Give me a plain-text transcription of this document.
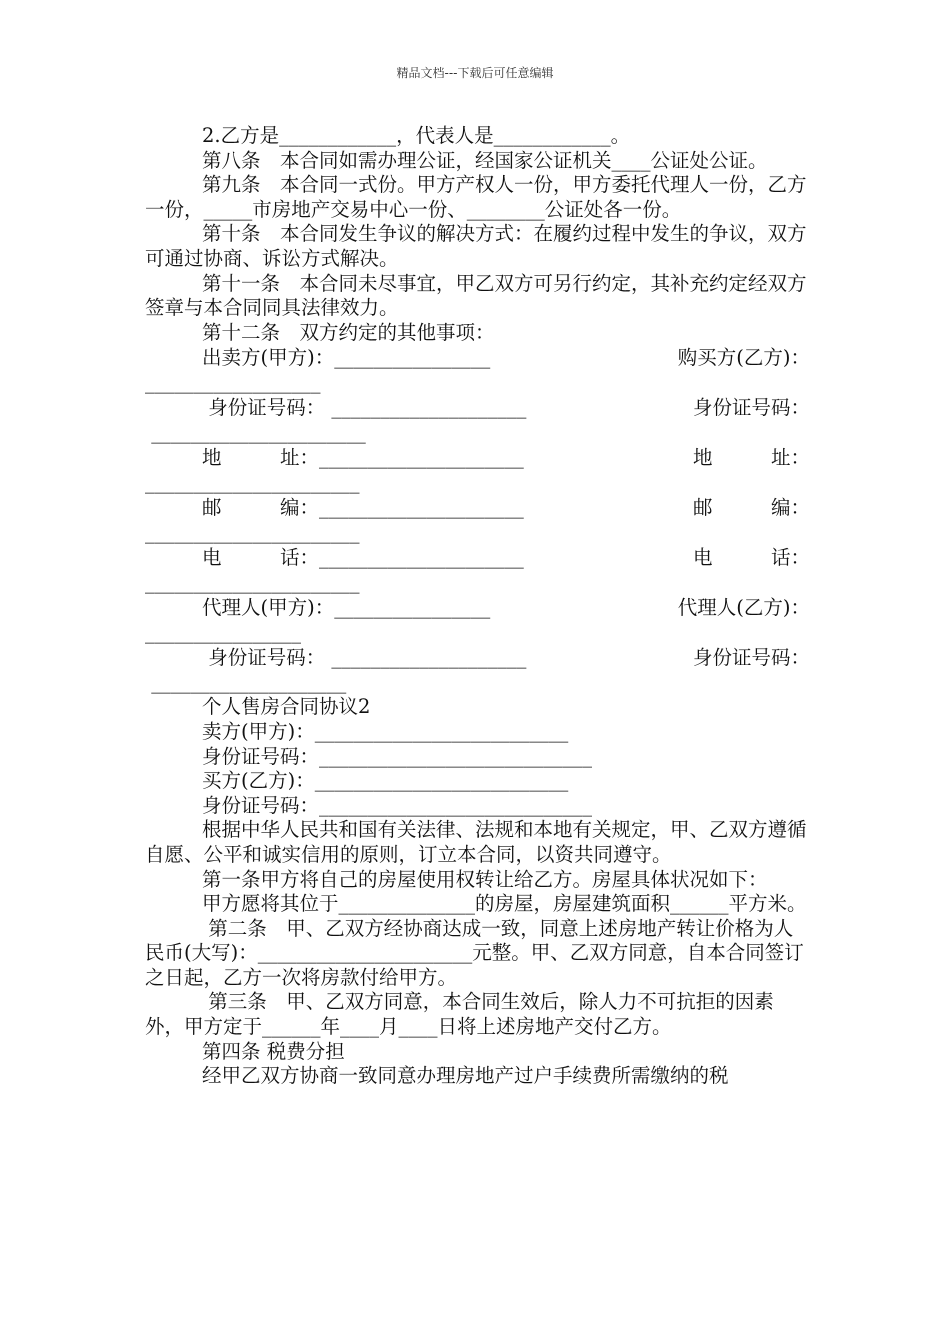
精品文档---下载后可任意编辑

2.乙方是____________，代表人是____________。

第八条　本合同如需办理公证，经国家公证机关____公证处公证。

第九条　本合同一式份。甲方产权人一份，甲方委托代理人一份，乙方一份，_____市房地产交易中心一份、________公证处各一份。

第十条　本合同发生争议的解决方式：在履约过程中发生的争议，双方可通过协商、诉讼方式解决。

第十一条　本合同未尽事宜，甲乙双方可另行约定，其补充约定经双方签章与本合同同具法律效力。

第十二条　双方约定的其他事项：

出卖方(甲方)：________________	购买方(乙方)：
__________________
身份证号码： ____________________	身份证号码：
______________________
地　　　址：_____________________	地　　　址：
______________________
邮　　　编：_____________________	邮　　　编：
______________________
电　　　话：_____________________	电　　　话：
______________________
代理人(甲方)：________________	代理人(乙方)：
________________
身份证号码： ____________________	身份证号码：
____________________

个人售房合同协议2

卖方(甲方)：__________________________

身份证号码：____________________________

买方(乙方)：__________________________

身份证号码：____________________________

根据中华人民共和国有关法律、法规和本地有关规定，甲、乙双方遵循自愿、公平和诚实信用的原则，订立本合同，以资共同遵守。

第一条甲方将自己的房屋使用权转让给乙方。房屋具体状况如下：

甲方愿将其位于______________的房屋，房屋建筑面积______平方米。

第二条　甲、乙双方经协商达成一致，同意上述房地产转让价格为人民币(大写)：______________________元整。甲、乙双方同意，自本合同签订之日起，乙方一次将房款付给甲方。

第三条　甲、乙双方同意，本合同生效后，除人力不可抗拒的因素外，甲方定于______年____月____日将上述房地产交付乙方。

第四条 税费分担

经甲乙双方协商一致同意办理房地产过户手续费所需缴纳的税
